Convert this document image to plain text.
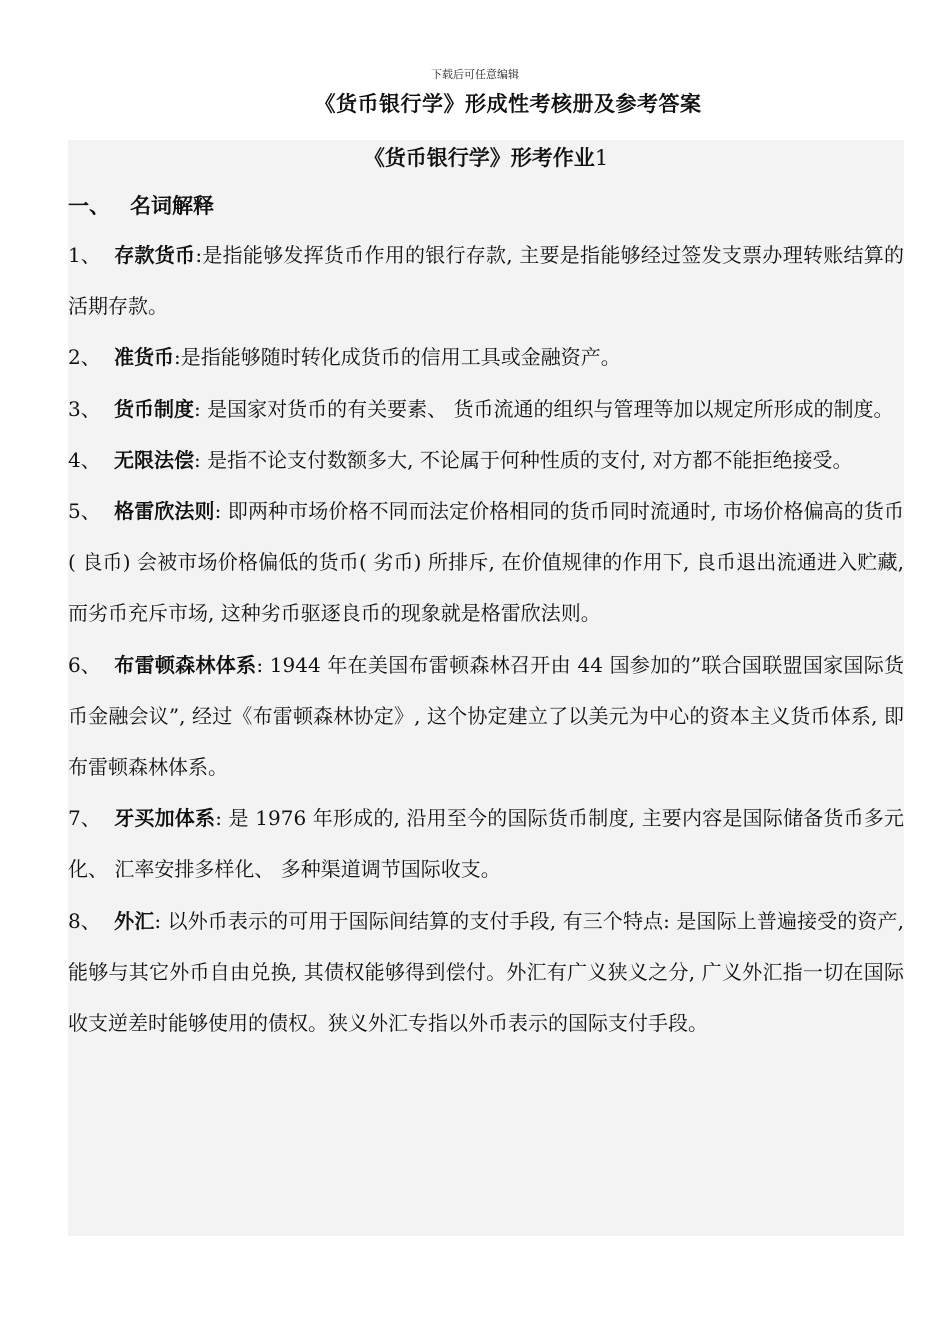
下载后可任意编辑
《货币银行学》形成性考核册及参考答案
《货币银行学》形考作业1
一、 名词解释

1、 存款货币:是指能够发挥货币作用的银行存款, 主要是指能够经过签发支票办理转账结算的活期存款。

2、 准货币:是指能够随时转化成货币的信用工具或金融资产。

3、 货币制度: 是国家对货币的有关要素、 货币流通的组织与管理等加以规定所形成的制度。

4、 无限法偿: 是指不论支付数额多大, 不论属于何种性质的支付, 对方都不能拒绝接受。

5、 格雷欣法则: 即两种市场价格不同而法定价格相同的货币同时流通时, 市场价格偏高的货币( 良币) 会被市场价格偏低的货币( 劣币) 所排斥, 在价值规律的作用下, 良币退出流通进入贮藏, 而劣币充斥市场, 这种劣币驱逐良币的现象就是格雷欣法则。

6、 布雷顿森林体系: 1944 年在美国布雷顿森林召开由 44 国参加的”联合国联盟国家国际货币金融会议”, 经过《布雷顿森林协定》, 这个协定建立了以美元为中心的资本主义货币体系, 即布雷顿森林体系。

7、 牙买加体系: 是 1976 年形成的, 沿用至今的国际货币制度, 主要内容是国际储备货币多元化、 汇率安排多样化、 多种渠道调节国际收支。

8、 外汇: 以外币表示的可用于国际间结算的支付手段, 有三个特点: 是国际上普遍接受的资产, 能够与其它外币自由兑换, 其债权能够得到偿付。外汇有广义狭义之分, 广义外汇指一切在国际收支逆差时能够使用的债权。狭义外汇专指以外币表示的国际支付手段。
